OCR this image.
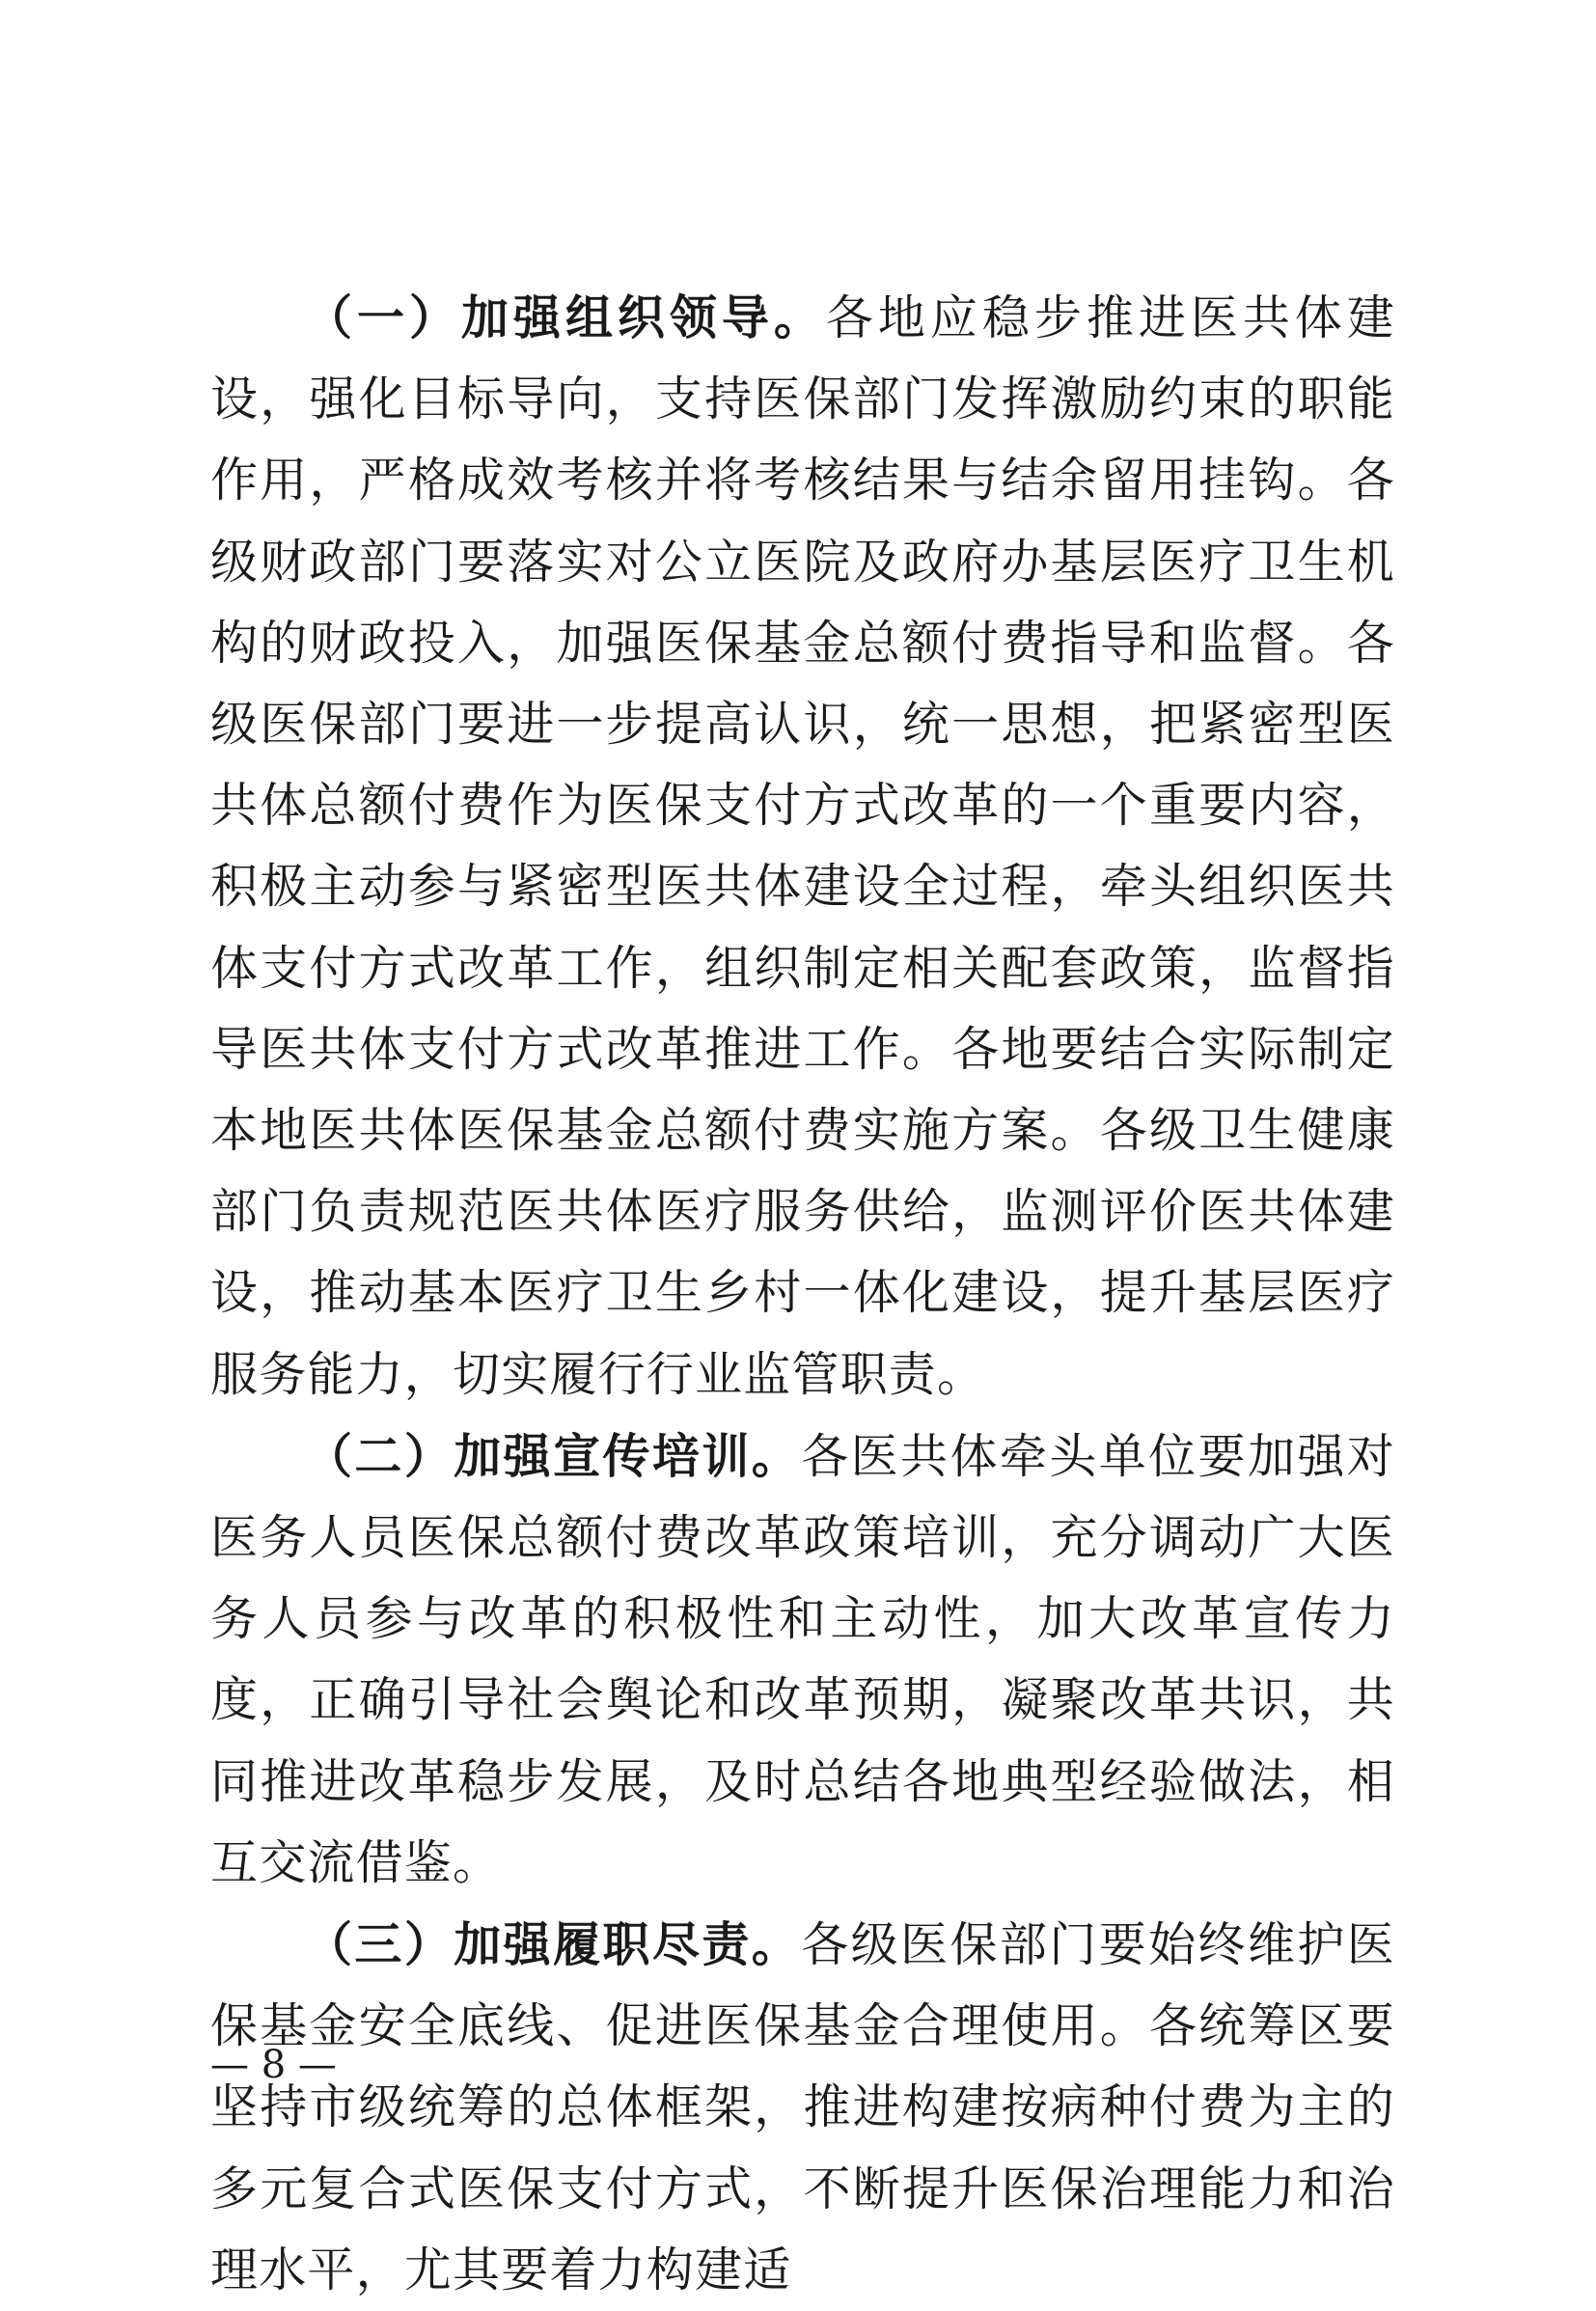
（一）加强组织领导。各地应稳步推进医共体建设，强化目标导向，支持医保部门发挥激励约束的职能作用，严格成效考核并将考核结果与结余留用挂钩。各级财政部门要落实对公立医院及政府办基层医疗卫生机构的财政投入，加强医保基金总额付费指导和监督。各级医保部门要进一步提高认识，统一思想，把紧密型医共体总额付费作为医保支付方式改革的一个重要内容，积极主动参与紧密型医共体建设全过程，牵头组织医共体支付方式改革工作，组织制定相关配套政策，监督指导医共体支付方式改革推进工作。各地要结合实际制定本地医共体医保基金总额付费实施方案。各级卫生健康部门负责规范医共体医疗服务供给，监测评价医共体建设，推动基本医疗卫生乡村一体化建设，提升基层医疗服务能力，切实履行行业监管职责。

（二）加强宣传培训。各医共体牵头单位要加强对医务人员医保总额付费改革政策培训，充分调动广大医务人员参与改革的积极性和主动性，加大改革宣传力度，正确引导社会舆论和改革预期，凝聚改革共识，共同推进改革稳步发展，及时总结各地典型经验做法，相互交流借鉴。

（三）加强履职尽责。各级医保部门要始终维护医保基金安全底线、促进医保基金合理使用。各统筹区要坚持市级统筹的总体框架，推进构建按病种付费为主的多元复合式医保支付方式，不断提升医保治理能力和治理水平，尤其要着力构建适

— 8 —
